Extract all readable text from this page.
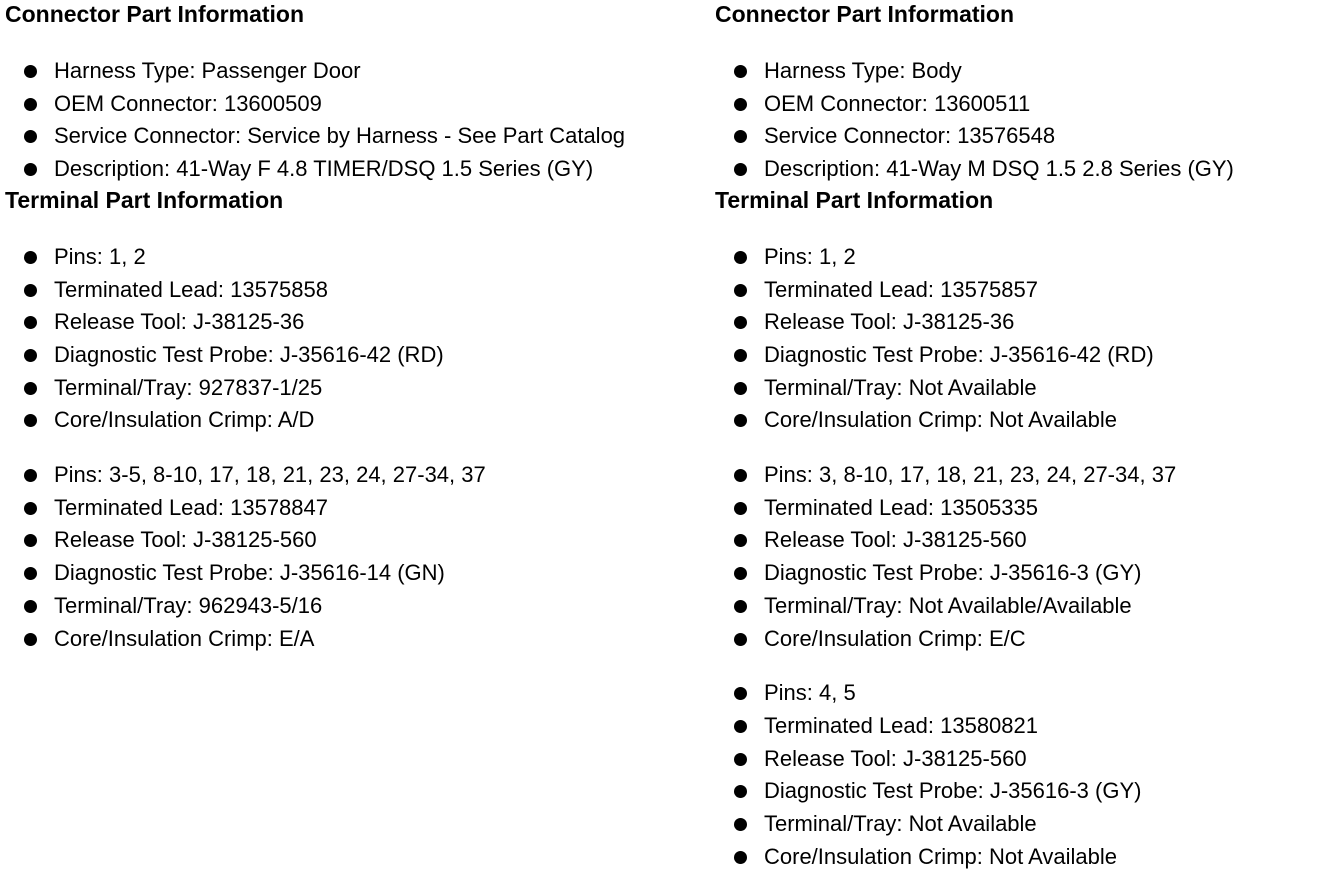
Connector Part Information
Harness Type: Passenger Door
OEM Connector: 13600509
Service Connector: Service by Harness - See Part Catalog
Description: 41-Way F 4.8 TIMER/DSQ 1.5 Series (GY)
Terminal Part Information
Pins: 1, 2
Terminated Lead: 13575858
Release Tool: J-38125-36
Diagnostic Test Probe: J-35616-42 (RD)
Terminal/Tray: 927837-1/25
Core/Insulation Crimp: A/D
Pins: 3-5, 8-10, 17, 18, 21, 23, 24, 27-34, 37
Terminated Lead: 13578847
Release Tool: J-38125-560
Diagnostic Test Probe: J-35616-14 (GN)
Terminal/Tray: 962943-5/16
Core/Insulation Crimp: E/A
Connector Part Information
Harness Type: Body
OEM Connector: 13600511
Service Connector: 13576548
Description: 41-Way M DSQ 1.5 2.8 Series (GY)
Terminal Part Information
Pins: 1, 2
Terminated Lead: 13575857
Release Tool: J-38125-36
Diagnostic Test Probe: J-35616-42 (RD)
Terminal/Tray: Not Available
Core/Insulation Crimp: Not Available
Pins: 3, 8-10, 17, 18, 21, 23, 24, 27-34, 37
Terminated Lead: 13505335
Release Tool: J-38125-560
Diagnostic Test Probe: J-35616-3 (GY)
Terminal/Tray: Not Available/Available
Core/Insulation Crimp: E/C
Pins: 4, 5
Terminated Lead: 13580821
Release Tool: J-38125-560
Diagnostic Test Probe: J-35616-3 (GY)
Terminal/Tray: Not Available
Core/Insulation Crimp: Not Available
